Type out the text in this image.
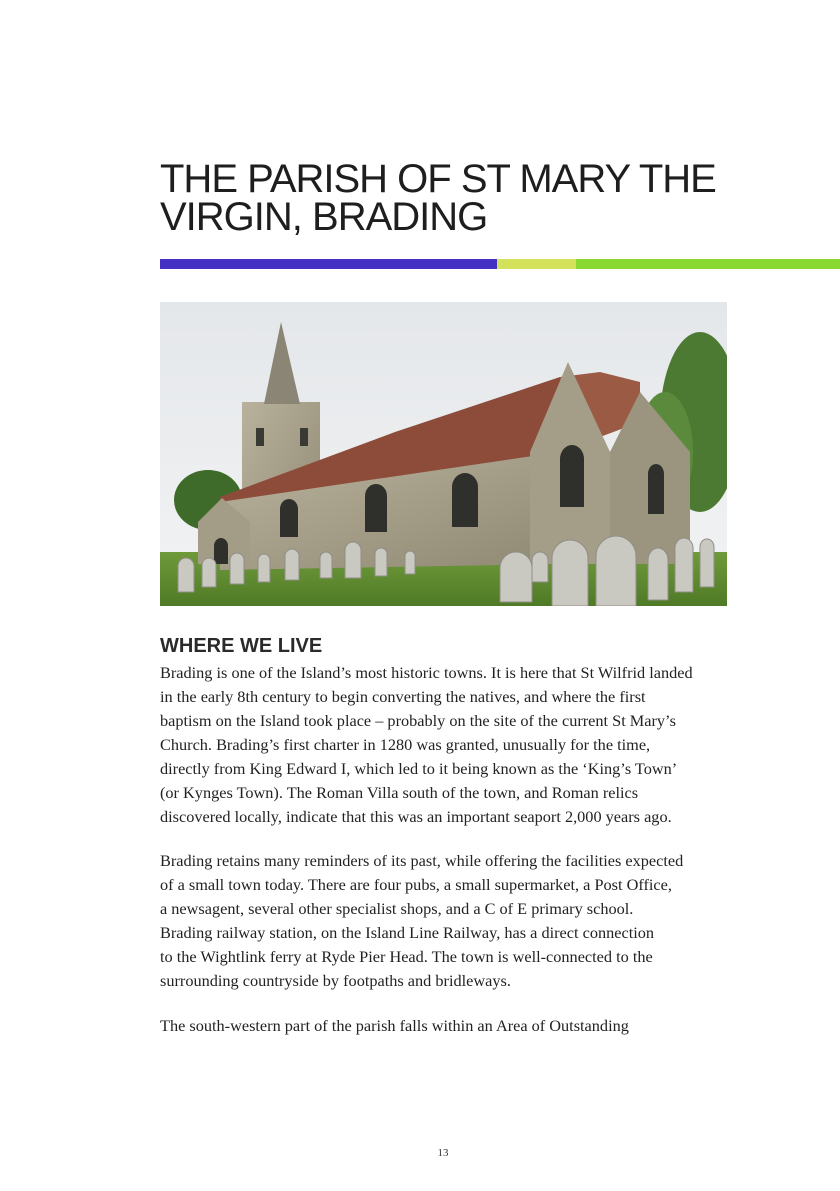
THE PARISH OF ST MARY THE
VIRGIN, BRADING
WHERE WE LIVE

Brading is one of the Island’s most historic towns. It is here that St Wilfrid landed
in the early 8th century to begin converting the natives, and where the first
baptism on the Island took place – probably on the site of the current St Mary’s
Church. Brading’s first charter in 1280 was granted, unusually for the time,
directly from King Edward I, which led to it being known as the ‘King’s Town’
(or Kynges Town). The Roman Villa south of the town, and Roman relics
discovered locally, indicate that this was an important seaport 2,000 years ago.

Brading retains many reminders of its past, while offering the facilities expected
of a small town today. There are four pubs, a small supermarket, a Post Office,
a newsagent, several other specialist shops, and a C of E primary school.
Brading railway station, on the Island Line Railway, has a direct connection
to the Wightlink ferry at Ryde Pier Head. The town is well-connected to the
surrounding countryside by footpaths and bridleways.

The south-western part of the parish falls within an Area of Outstanding

13
